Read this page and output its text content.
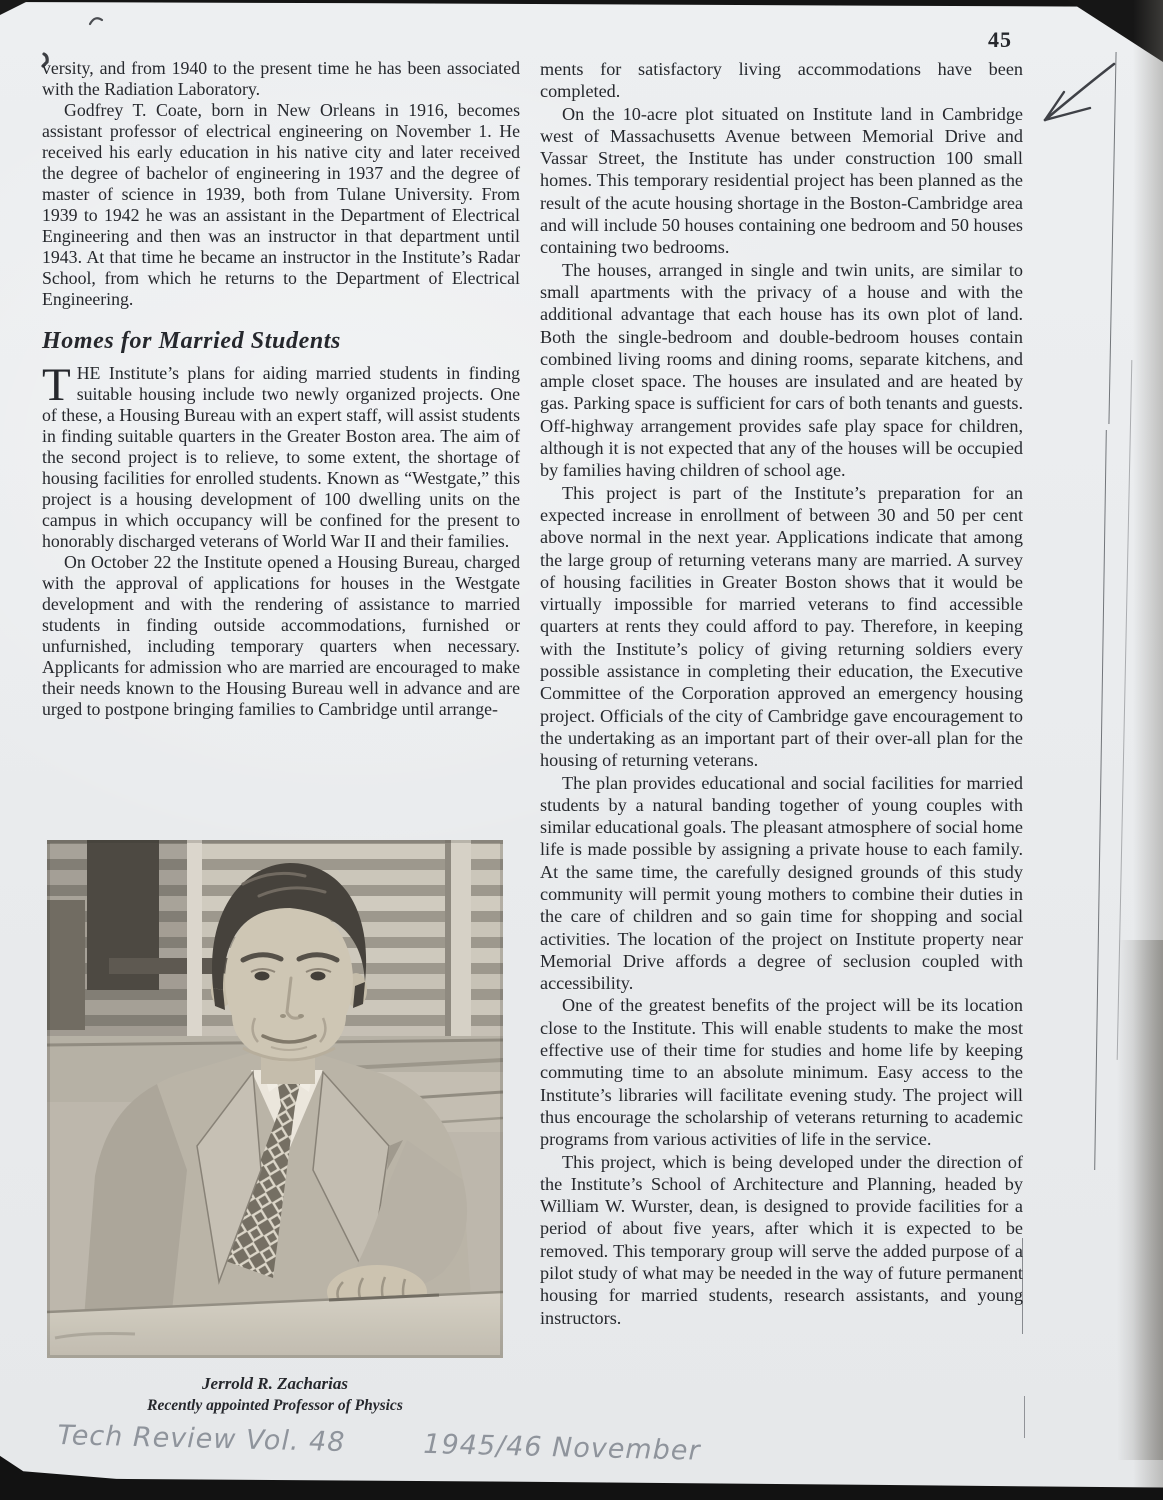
45

versity, and from 1940 to the present time he has been associated with the Radiation Laboratory.

Godfrey T. Coate, born in New Orleans in 1916, becomes assistant professor of electrical engineering on November 1. He received his early education in his native city and later received the degree of bachelor of engineering in 1937 and the degree of master of science in 1939, both from Tulane University. From 1939 to 1942 he was an assistant in the Department of Electrical Engineering and then was an instructor in that department until 1943. At that time he became an instructor in the Institute’s Radar School, from which he returns to the Department of Electrical Engineering.

Homes for Married Students

THE Institute’s plans for aiding married students in finding suitable housing include two newly organized projects. One of these, a Housing Bureau with an expert staff, will assist students in finding suitable quarters in the Greater Boston area. The aim of the second project is to relieve, to some extent, the shortage of housing facilities for enrolled students. Known as “Westgate,” this project is a housing development of 100 dwelling units on the campus in which occupancy will be confined for the present to honorably discharged veterans of World War II and their families.

On October 22 the Institute opened a Housing Bureau, charged with the approval of applications for houses in the Westgate development and with the rendering of assistance to married students in finding outside accommodations, furnished or unfurnished, including temporary quarters when necessary. Applicants for admission who are married are encouraged to make their needs known to the Housing Bureau well in advance and are urged to postpone bringing families to Cambridge until arrange-

Jerrold R. Zacharias
Recently appointed Professor of Physics

ments for satisfactory living accommodations have been completed.

On the 10-acre plot situated on Institute land in Cambridge west of Massachusetts Avenue between Memorial Drive and Vassar Street, the Institute has under construction 100 small homes. This temporary residential project has been planned as the result of the acute housing shortage in the Boston-Cambridge area and will include 50 houses containing one bedroom and 50 houses containing two bedrooms.

The houses, arranged in single and twin units, are similar to small apartments with the privacy of a house and with the additional advantage that each house has its own plot of land. Both the single-bedroom and double-bedroom houses contain combined living rooms and dining rooms, separate kitchens, and ample closet space. The houses are insulated and are heated by gas. Parking space is sufficient for cars of both tenants and guests. Off-highway arrangement provides safe play space for children, although it is not expected that any of the houses will be occupied by families having children of school age.

This project is part of the Institute’s preparation for an expected increase in enrollment of between 30 and 50 per cent above normal in the next year. Applications indicate that among the large group of returning veterans many are married. A survey of housing facilities in Greater Boston shows that it would be virtually impossible for married veterans to find accessible quarters at rents they could afford to pay. Therefore, in keeping with the Institute’s policy of giving returning soldiers every possible assistance in completing their education, the Executive Committee of the Corporation approved an emergency housing project. Officials of the city of Cambridge gave encouragement to the undertaking as an important part of their over-all plan for the housing of returning veterans.

The plan provides educational and social facilities for married students by a natural banding together of young couples with similar educational goals. The pleasant atmosphere of social home life is made possible by assigning a private house to each family. At the same time, the carefully designed grounds of this study community will permit young mothers to combine their duties in the care of children and so gain time for shopping and social activities. The location of the project on Institute property near Memorial Drive affords a degree of seclusion coupled with accessibility.

One of the greatest benefits of the project will be its location close to the Institute. This will enable students to make the most effective use of their time for studies and home life by keeping commuting time to an absolute minimum. Easy access to the Institute’s libraries will facilitate evening study. The project will thus encourage the scholarship of veterans returning to academic programs from various activities of life in the service.

This project, which is being developed under the direction of the Institute’s School of Architecture and Planning, headed by William W. Wurster, dean, is designed to provide facilities for a period of about five years, after which it is expected to be removed. This temporary group will serve the added purpose of a pilot study of what may be needed in the way of future permanent housing for married students, research assistants, and young instructors.

Tech Review Vol. 48	1945/46 November
